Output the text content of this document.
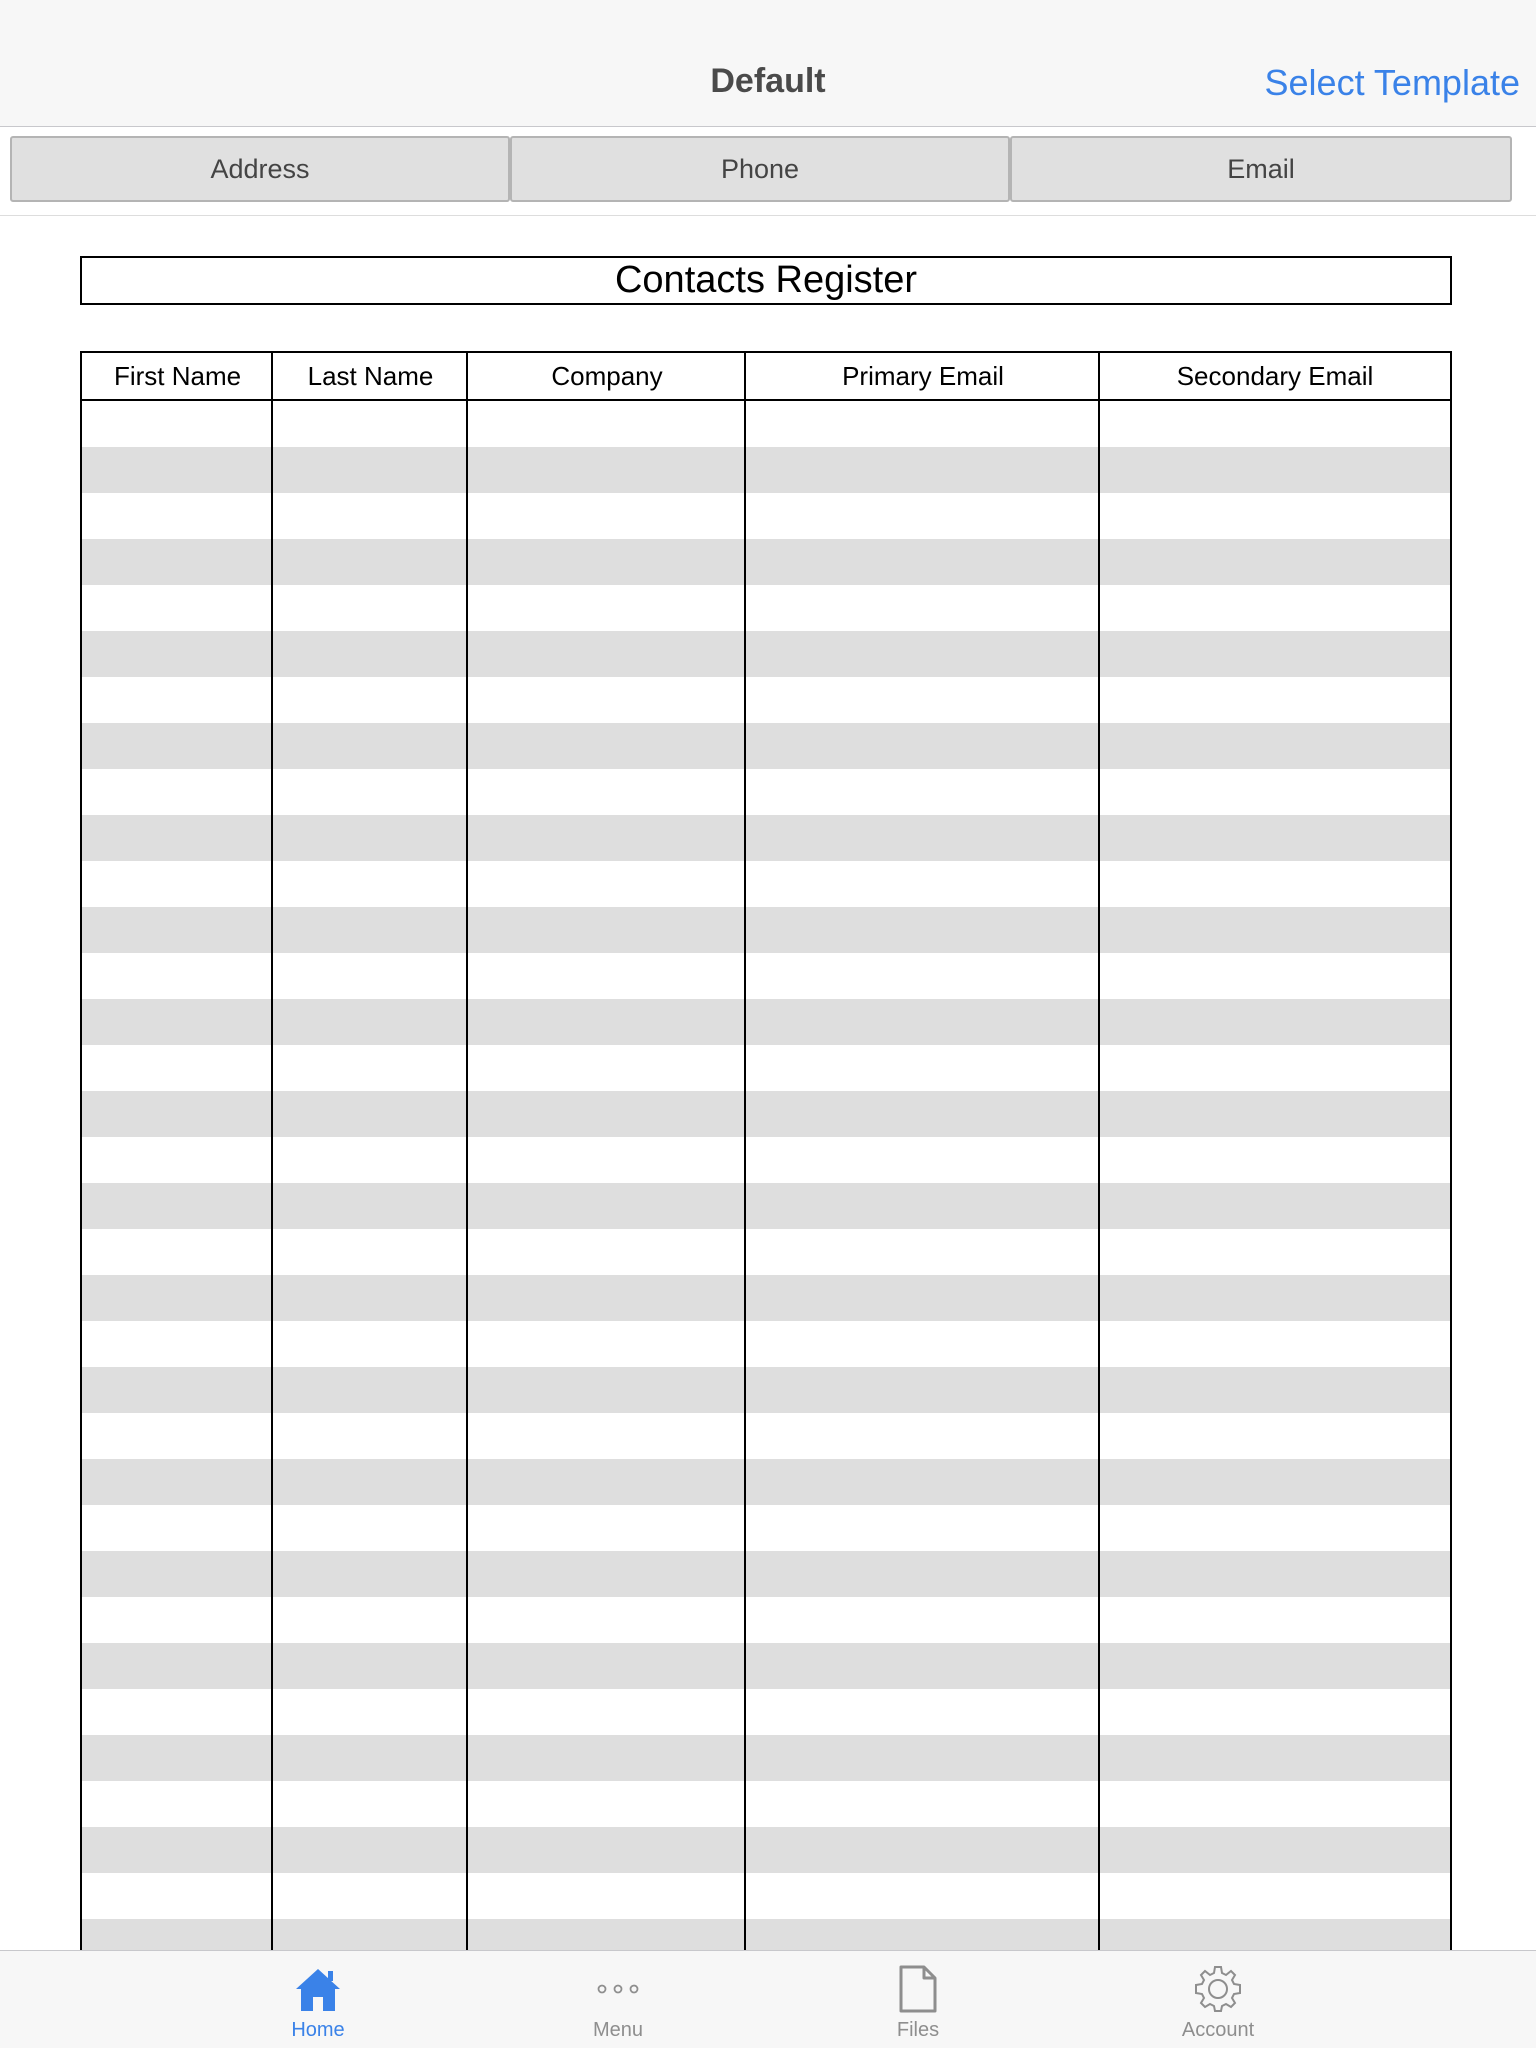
Default	Select Template
Address	Phone	Email
Contacts Register
First Name	Last Name	Company	Primary Email	Secondary Email
Home	Menu	Files	Account
